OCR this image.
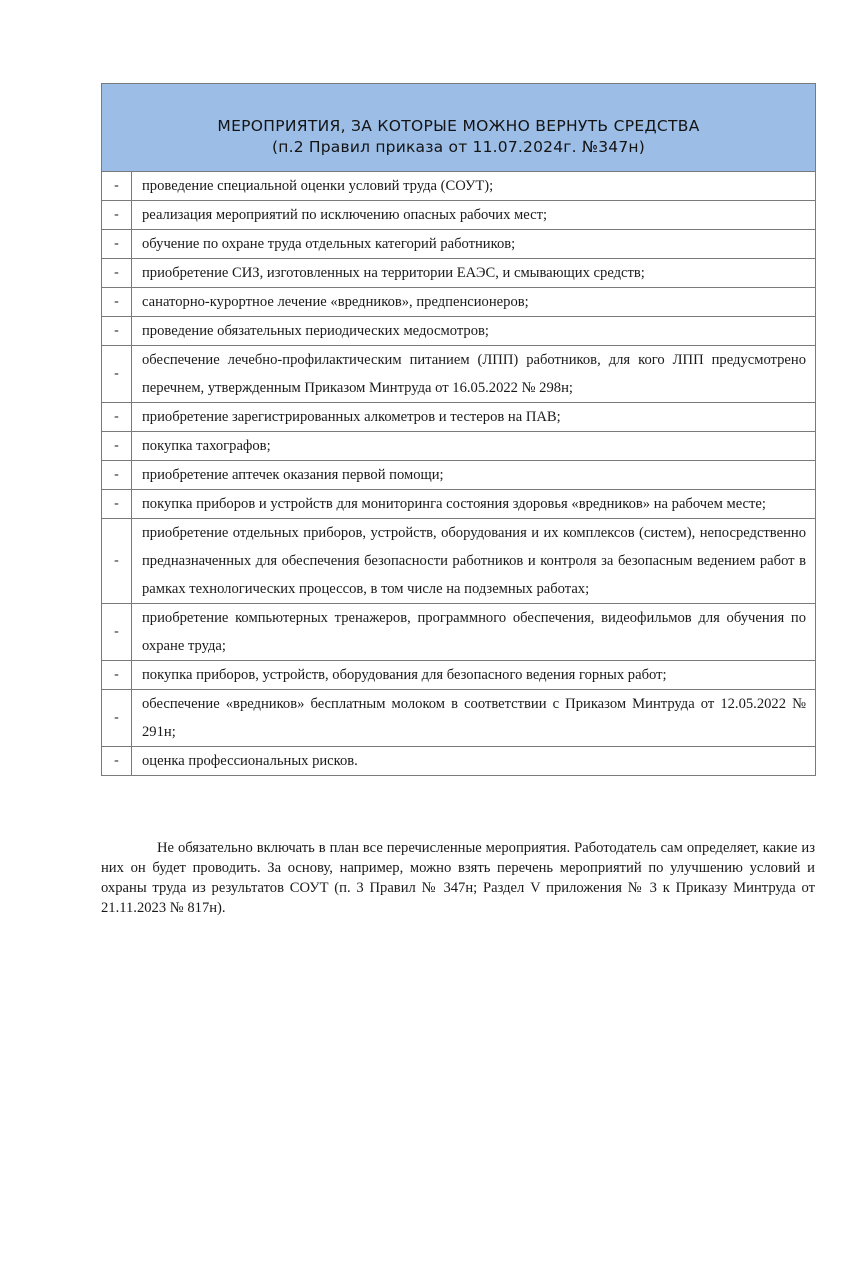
МЕРОПРИЯТИЯ, ЗА КОТОРЫЕ МОЖНО ВЕРНУТЬ СРЕДСТВА
(п.2 Правил приказа от 11.07.2024г. №347н)	

-	проведение специальной оценки условий труда (СОУТ);
-	реализация мероприятий по исключению опасных рабочих мест;
-	обучение по охране труда отдельных категорий работников;
-	приобретение СИЗ, изготовленных на территории ЕАЭС, и смывающих средств;
-	санаторно-курортное лечение «вредников», предпенсионеров;
-	проведение обязательных периодических медосмотров;
-	обеспечение лечебно-профилактическим питанием (ЛПП) работников, для кого ЛПП предусмотрено перечнем, утвержденным Приказом Минтруда от 16.05.2022 № 298н;
-	приобретение зарегистрированных алкометров и тестеров на ПАВ;
-	покупка тахографов;
-	приобретение аптечек оказания первой помощи;
-	покупка приборов и устройств для мониторинга состояния здоровья «вредников» на рабочем месте;
-	приобретение отдельных приборов, устройств, оборудования и их комплексов (систем), непосредственно предназначенных для обеспечения безопасности работников и контроля за безопасным ведением работ в рамках технологических процессов, в том числе на подземных работах;
-	приобретение компьютерных тренажеров, программного обеспечения, видеофильмов для обучения по охране труда;
-	покупка приборов, устройств, оборудования для безопасного ведения горных работ;
-	обеспечение «вредников» бесплатным молоком в соответствии с Приказом Минтруда от 12.05.2022 № 291н;
-	оценка профессиональных рисков.

Не обязательно включать в план все перечисленные мероприятия. Работодатель сам определяет, какие из них он будет проводить. За основу, например, можно взять перечень мероприятий по улучшению условий и охраны труда из результатов СОУТ (п. 3 Правил № 347н; Раздел V приложения № 3 к Приказу Минтруда от 21.11.2023 № 817н).
